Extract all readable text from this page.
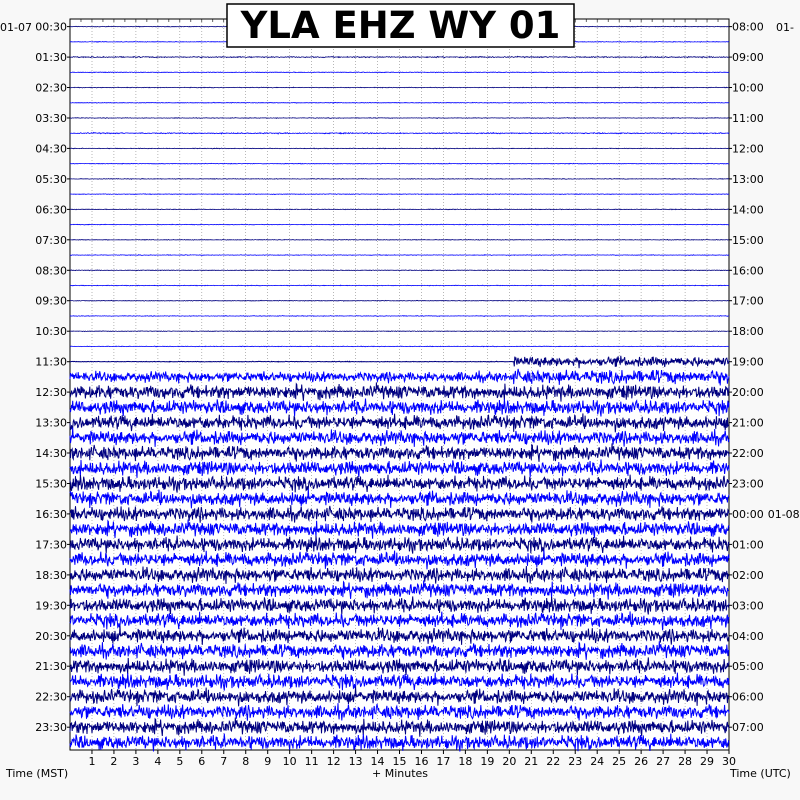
1 2 3 4 5 6 7 8 9 10 11 12 13 14 15 16 17 18 19 20 21 22 23 24 25 26 27 28 29 30
00:30
01:30
02:30
03:30
04:30
05:30
06:30
07:30
08:30
09:30
10:30
11:30
12:30
13:30
14:30
15:30
16:30
17:30
18:30
19:30
20:30
21:30
22:30
23:30
08:00
09:00
10:00
11:00
12:00
13:00
14:00
15:00
16:00
17:00
18:00
19:00
20:00
21:00
22:00
23:00
00:00 01-08
01:00
02:00
03:00
04:00
05:00
06:00
07:00
01-07	01-
YLA EHZ WY 01
Time (MST)	+ Minutes	Time (UTC)
